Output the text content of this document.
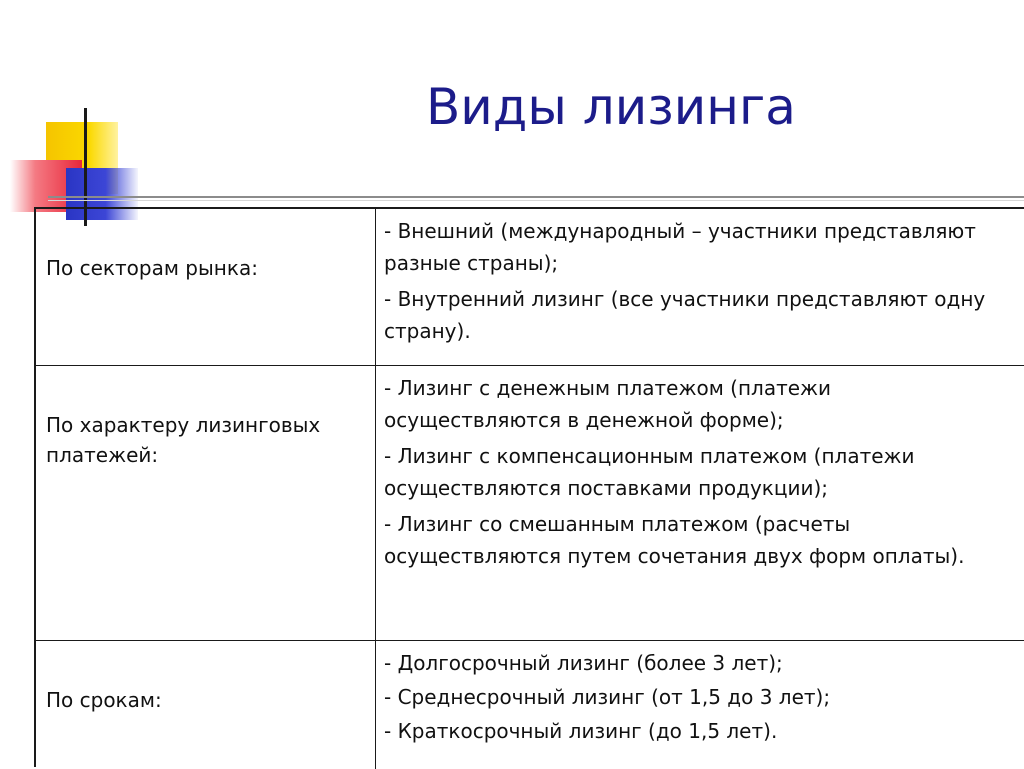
Виды лизинга
По секторам рынка:
- Внешний (международный – участники представляют разные страны);
- Внутренний лизинг (все участники представляют одну страну).
По характеру лизинговых платежей:
- Лизинг с денежным платежом (платежи осуществляются в денежной форме);
- Лизинг с компенсационным платежом (платежи осуществляются поставками продукции);
- Лизинг со смешанным платежом (расчеты осуществляются путем сочетания двух форм оплаты).
По срокам:
- Долгосрочный лизинг (более 3 лет);
- Среднесрочный лизинг (от 1,5 до 3 лет);
- Краткосрочный лизинг (до 1,5 лет).
